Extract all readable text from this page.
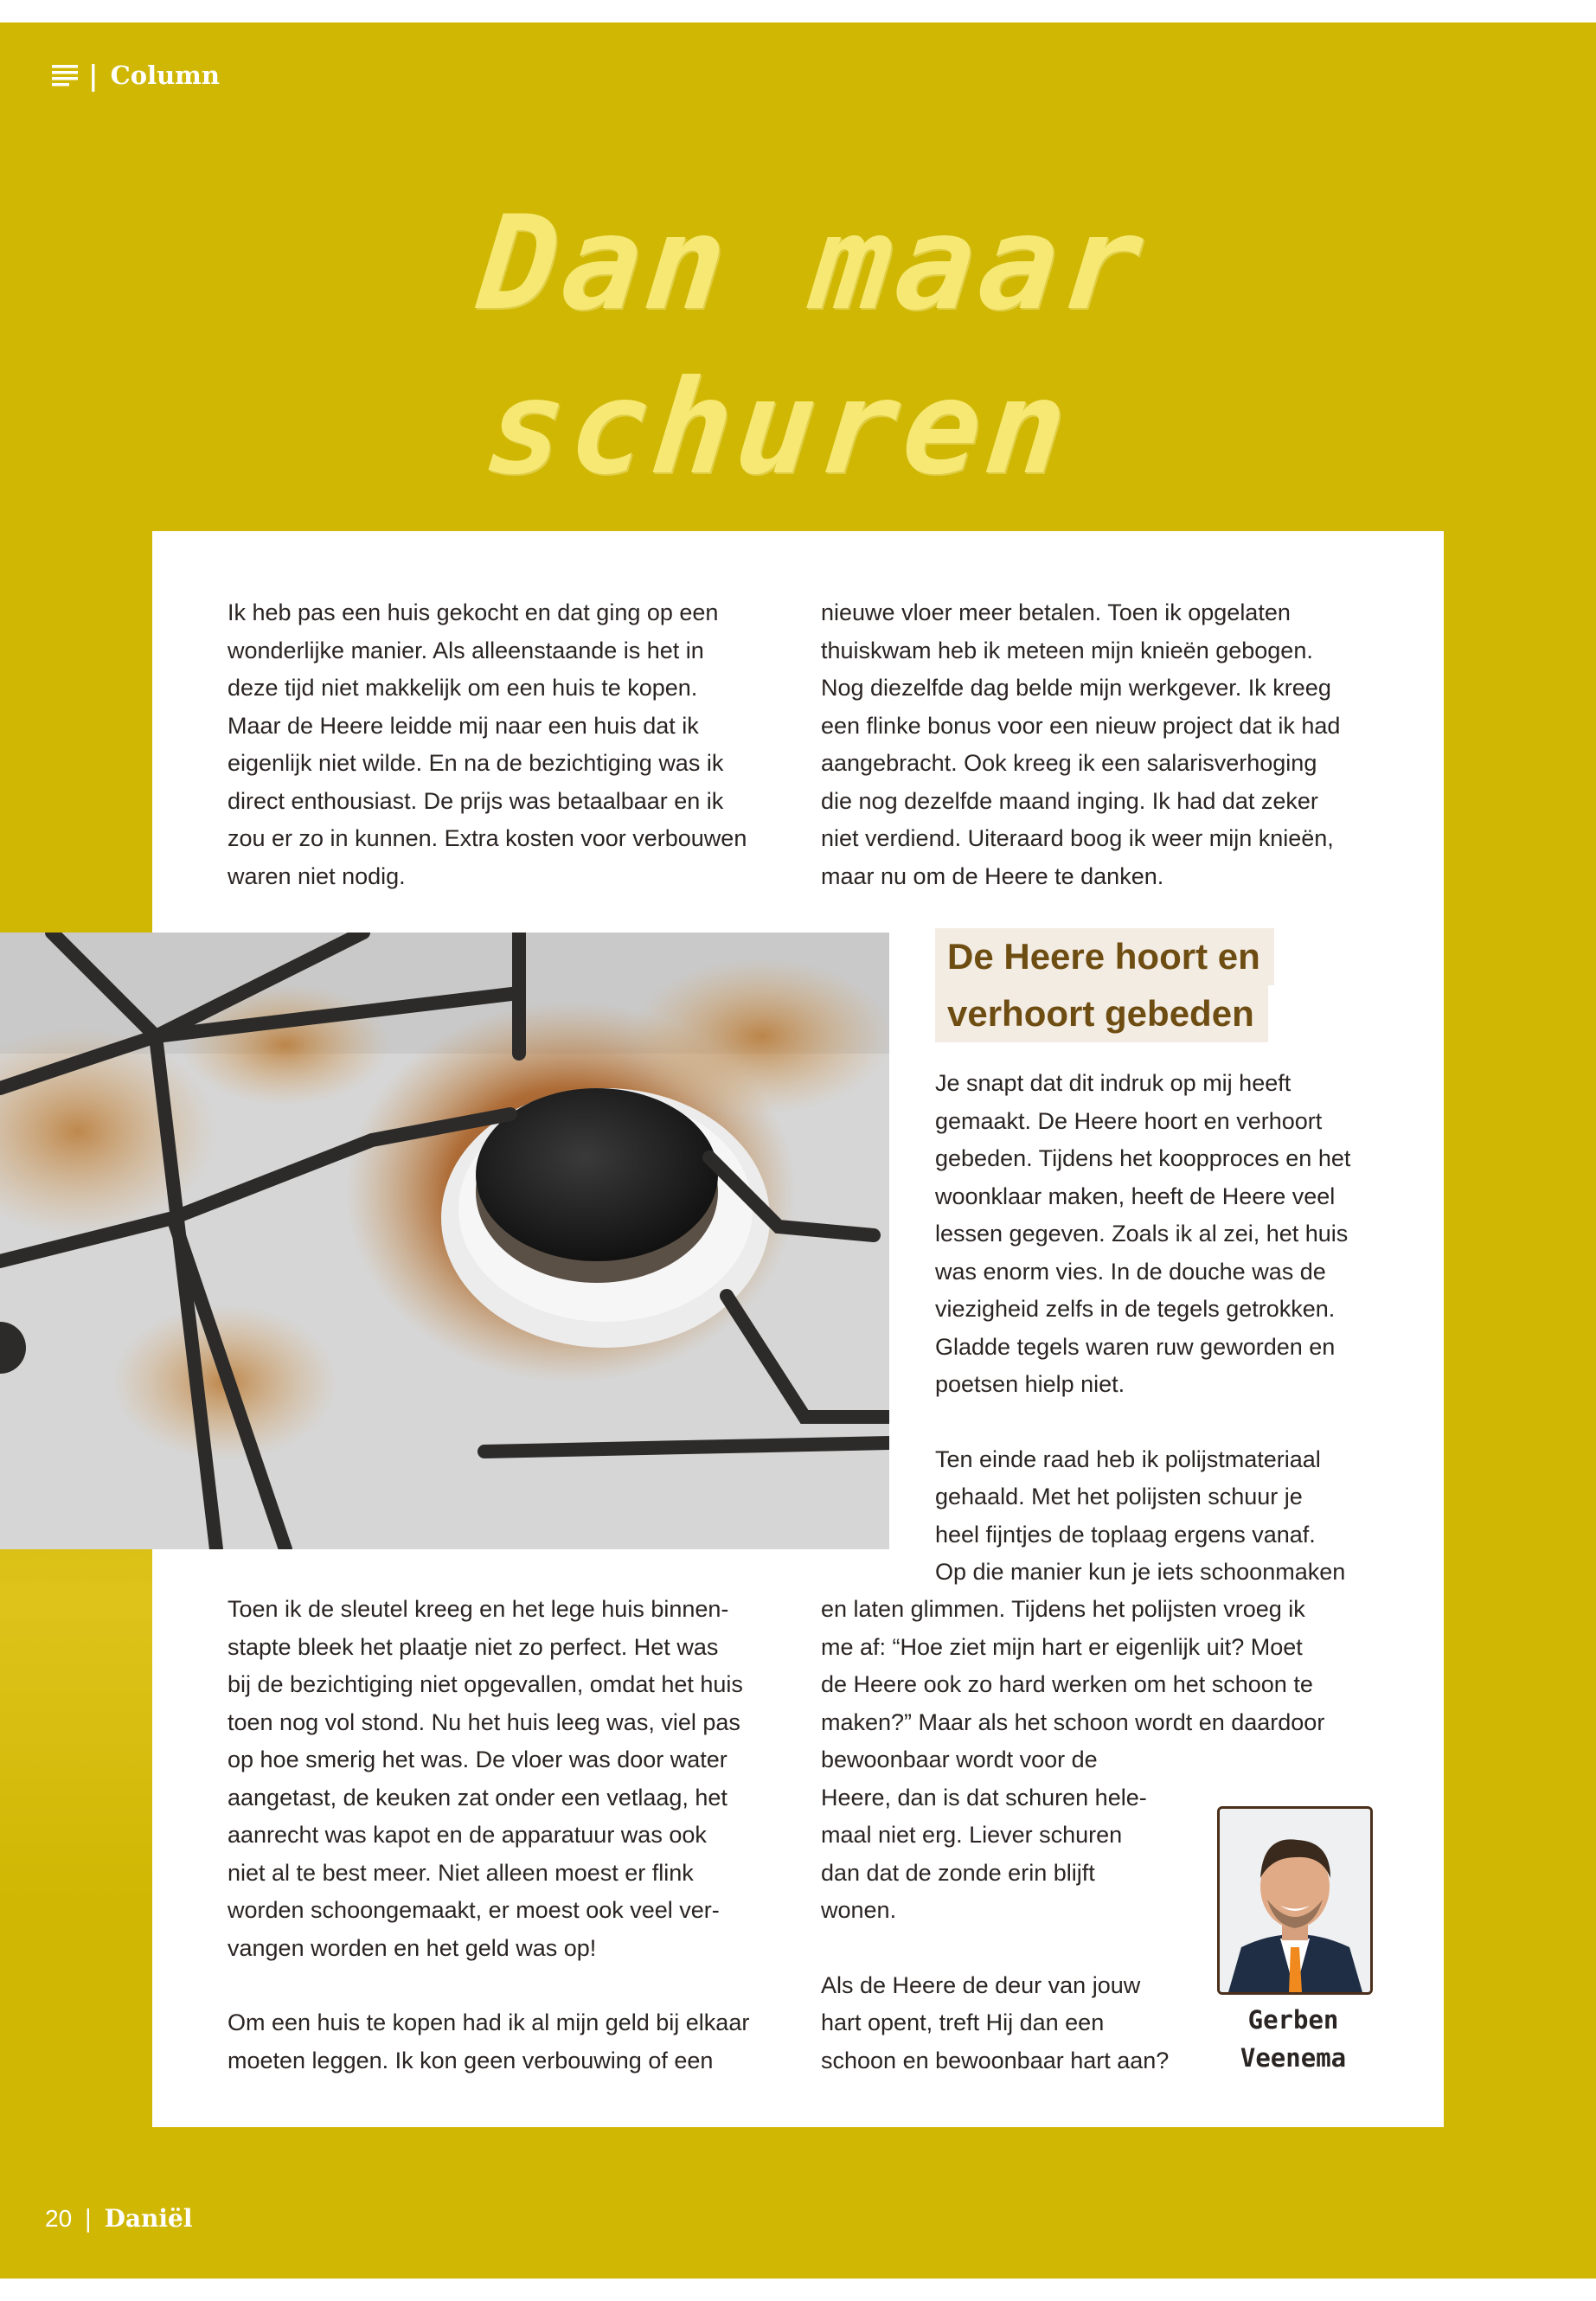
| Column
Dan maar
schuren

Ik heb pas een huis gekocht en dat ging op een

wonderlijke manier. Als alleenstaande is het in

deze tijd niet makkelijk om een huis te kopen.

Maar de Heere leidde mij naar een huis dat ik

eigenlijk niet wilde. En na de bezichtiging was ik

direct enthousiast. De prijs was betaalbaar en ik

zou er zo in kunnen. Extra kosten voor verbouwen

waren niet nodig.

nieuwe vloer meer betalen. Toen ik opgelaten

thuiskwam heb ik meteen mijn knieën gebogen.

Nog diezelfde dag belde mijn werkgever. Ik kreeg

een flinke bonus voor een nieuw project dat ik had

aangebracht. Ook kreeg ik een salarisverhoging

die nog dezelfde maand inging. Ik had dat zeker

niet verdiend. Uiteraard boog ik weer mijn knieën,

maar nu om de Heere te danken.

Je snapt dat dit indruk op mij heeft

gemaakt. De Heere hoort en verhoort

gebeden. Tijdens het koopproces en het

woonklaar maken, heeft de Heere veel

lessen gegeven. Zoals ik al zei, het huis

was enorm vies. In de douche was de

viezigheid zelfs in de tegels getrokken.

Gladde tegels waren ruw geworden en

poetsen hielp niet.

Ten einde raad heb ik polijstmateriaal

gehaald. Met het polijsten schuur je

heel fijntjes de toplaag ergens vanaf.

Op die manier kun je iets schoonmaken

en laten glimmen. Tijdens het polijsten vroeg ik

me af: “Hoe ziet mijn hart er eigenlijk uit? Moet

de Heere ook zo hard werken om het schoon te

maken?” Maar als het schoon wordt en daardoor

bewoonbaar wordt voor de

Heere, dan is dat schuren hele-

maal niet erg. Liever schuren

dan dat de zonde erin blijft

wonen.

Als de Heere de deur van jouw

hart opent, treft Hij dan een

schoon en bewoonbaar hart aan?

Toen ik de sleutel kreeg en het lege huis binnen-

stapte bleek het plaatje niet zo perfect. Het was

bij de bezichtiging niet opgevallen, omdat het huis

toen nog vol stond. Nu het huis leeg was, viel pas

op hoe smerig het was. De vloer was door water

aangetast, de keuken zat onder een vetlaag, het

aanrecht was kapot en de apparatuur was ook

niet al te best meer. Niet alleen moest er flink

worden schoongemaakt, er moest ook veel ver-

vangen worden en het geld was op!

Om een huis te kopen had ik al mijn geld bij elkaar

moeten leggen. Ik kon geen verbouwing of een

De Heere hoort en
verhoort gebeden
Gerben
Veenema
20 | Daniël
